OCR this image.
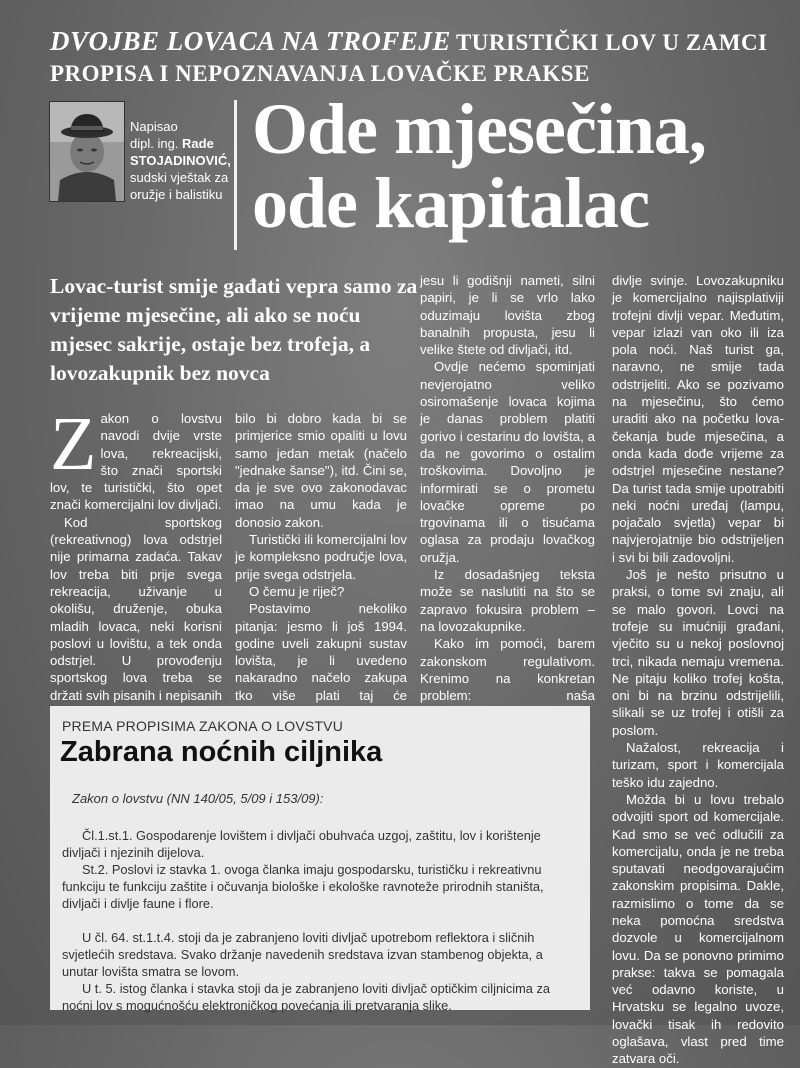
DVOJBE LOVACA NA TROFEJE TURISTIČKI LOV U ZAMCI
PROPISA I NEPOZNAVANJA LOVAČKE PRAKSE
Napisao
dipl. ing. Rade
STOJADINOVIĆ,
sudski vještak za oružje i balistiku
Ode mjesečina,
ode kapitalac
Lovac-turist smije gađati vepra samo za vrijeme mjesečine, ali ako se noću mjesec sakrije, ostaje bez trofeja, a lovozakupnik bez novca

Zakon o lovstvu navodi dvije vrste lova, rekreacijski, što znači sportski lov, te turistički, što opet znači komercijalni lov divljači.

Kod sportskog (rekreativnog) lova odstrjel nije primarna zadaća. Takav lov treba biti prije svega rekreacija, uživanje u okolišu, druženje, obuka mladih lovaca, neki korisni poslovi u lovištu, a tek onda odstrjel. U provođenju sportskog lova treba se držati svih pisanih i nepisanih

bilo bi dobro kada bi se primjerice smio opaliti u lovu samo jedan metak (načelo "jednake šanse"), itd. Čini se, da je sve ovo zakonodavac imao na umu kada je donosio zakon.

Turistički ili komercijalni lov je kompleksno područje lova, prije svega odstrjela.

O čemu je riječ?

Postavimo nekoliko pitanja: jesmo li još 1994. godine uveli zakupni sustav lovišta, je li uvedeno nakaradno načelo zakupa tko više plati taj će

jesu li godišnji nameti, silni papiri, je li se vrlo lako oduzimaju lovišta zbog banalnih propusta, jesu li velike štete od divljači, itd.

Ovdje nećemo spominjati nevjerojatno veliko osiromašenje lovaca kojima je danas problem platiti gorivo i cestarinu do lovišta, a da ne govorimo o ostalim troškovima. Dovoljno je informirati se o prometu lovačke opreme po trgovinama ili o tisućama oglasa za prodaju lovačkog oružja.

Iz dosadašnjeg teksta može se naslutiti na što se zapravo fokusira problem – na lovozakupnike.

Kako im pomoći, barem zakonskom regulativom. Krenimo na konkretan problem: naša

divlje svinje. Lovozakupniku je komercijalno najisplativiji trofejni divlji vepar. Međutim, vepar izlazi van oko ili iza pola noći. Naš turist ga, naravno, ne smije tada odstrijeliti. Ako se pozivamo na mjesečinu, što ćemo uraditi ako na početku lova-čekanja bude mjesečina, a onda kada dođe vrijeme za odstrjel mjesečine nestane? Da turist tada smije upotrabiti neki noćni uređaj (lampu, pojačalo svjetla) vepar bi najvjerojatnije bio odstrijeljen i svi bi bili zadovoljni.

Još je nešto prisutno u praksi, o tome svi znaju, ali se malo govori. Lovci na trofeje su imućniji građani, vječito su u nekoj poslovnoj trci, nikada nemaju vremena. Ne pitaju koliko trofej košta, oni bi na brzinu odstrijelili, slikali se uz trofej i otišli za poslom.

Nažalost, rekreacija i turizam, sport i komercijala teško idu zajedno.

Možda bi u lovu trebalo odvojiti sport od komercijale. Kad smo se već odlučili za komercijalu, onda je ne treba sputavati neodgovarajućim zakonskim propisima. Dakle, razmislimo o tome da se neka pomoćna sredstva dozvole u komercijalnom lovu. Da se ponovno primimo prakse: takva se pomagala već odavno koriste, u Hrvatsku se legalno uvoze, lovački tisak ih redovito oglašava, vlast pred time zatvara oči.

PREMA PROPISIMA ZAKONA O LOVSTVU
Zabrana noćnih ciljnika
Zakon o lovstvu (NN 140/05, 5/09 i 153/09):

Čl.1.st.1. Gospodarenje lovištem i divljači obuhvaća uzgoj, zaštitu, lov i korištenje divljači i njezinih dijelova.

St.2. Poslovi iz stavka 1. ovoga članka imaju gospodarsku, turističku i rekreativnu funkciju te funkciju zaštite i očuvanja biološke i ekološke ravnoteže prirodnih staništa, divljači i divlje faune i flore.

U čl. 64. st.1.t.4. stoji da je zabranjeno loviti divljač upotrebom reflektora i sličnih svjetlećih sredstava. Svako držanje navedenih sredstava izvan stambenog objekta, a unutar lovišta smatra se lovom.

U t. 5. istog članka i stavka stoji da je zabranjeno loviti divljač optičkim ciljnicima za noćni lov s mogućnošću elektroničkog povećanja ili pretvaranja slike.
